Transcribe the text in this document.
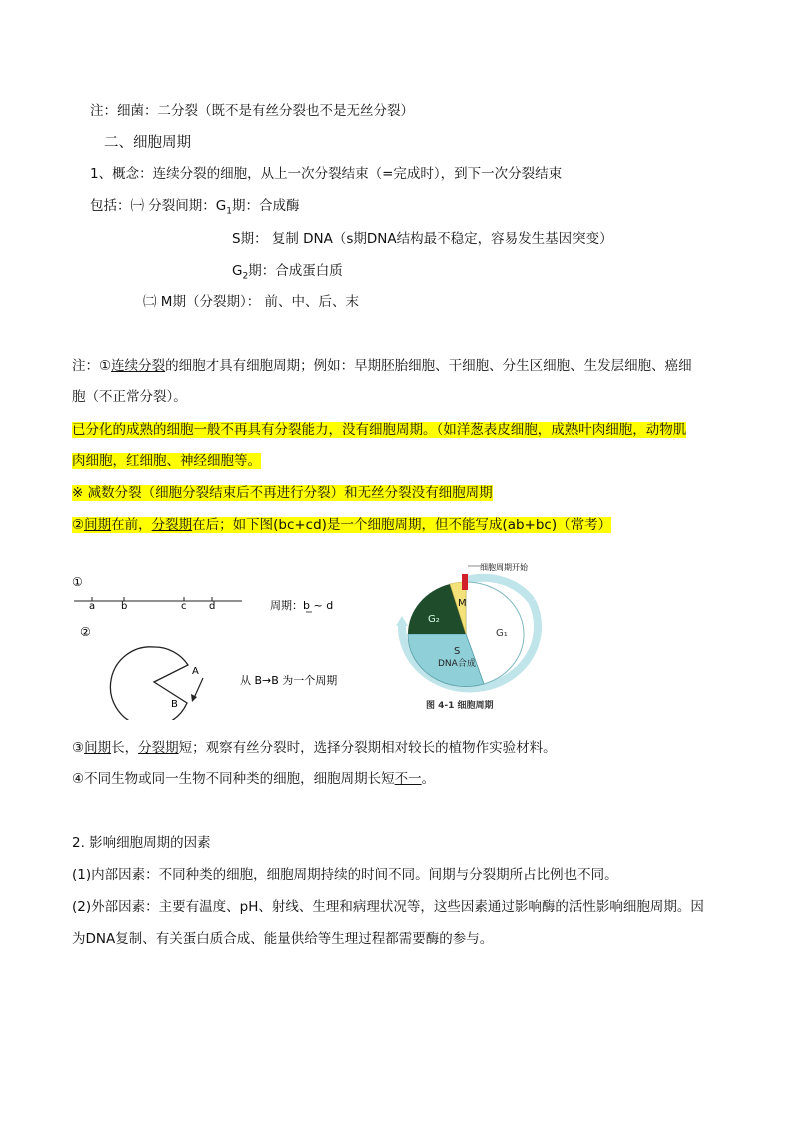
注：细菌：二分裂（既不是有丝分裂也不是无丝分裂）
二、细胞周期
1、概念：连续分裂的细胞，从上一次分裂结束（=完成时），到下一次分裂结束
包括：㈠ 分裂间期：$G_1$期：合成酶
S期： 复制 DNA（s期DNA结构最不稳定，容易发生基因突变）
$G_2$期：合成蛋白质
㈡ M期（分裂期）： 前、中、后、末
注：①连续分裂的细胞才具有细胞周期；例如：早期胚胎细胞、干细胞、分生区细胞、生发层细胞、癌细
胞（不正常分裂）。
已分化的成熟的细胞一般不再具有分裂能力，没有细胞周期。（如洋葱表皮细胞，成熟叶肉细胞，动物肌
肉细胞，红细胞、神经细胞等。
※ 减数分裂（细胞分裂结束后不再进行分裂）和无丝分裂没有细胞周期
②间期在前，分裂期在后；如下图(bc+cd)是一个细胞周期，但不能写成(ab+bc)（常考）
①
a	b	c d	周期：b ~ d
②
A
B
从 B→B 为一个周期
细胞周期开始
M
G₂
G₁
S
DNA合成
图 4-1 细胞周期
③间期长，分裂期短；观察有丝分裂时，选择分裂期相对较长的植物作实验材料。
④不同生物或同一生物不同种类的细胞，细胞周期长短不一。
2. 影响细胞周期的因素
(1)内部因素：不同种类的细胞，细胞周期持续的时间不同。间期与分裂期所占比例也不同。
(2)外部因素：主要有温度、pH、射线、生理和病理状况等，这些因素通过影响酶的活性影响细胞周期。因
为DNA复制、有关蛋白质合成、能量供给等生理过程都需要酶的参与。
